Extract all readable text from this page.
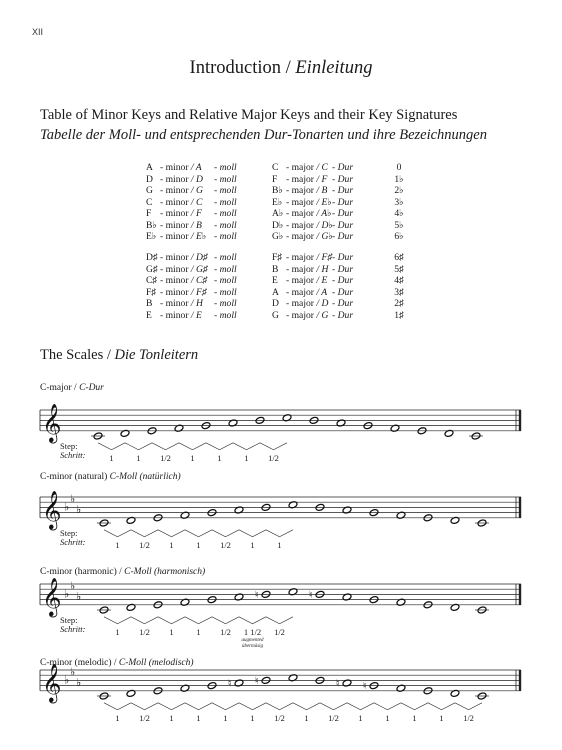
XII
Introduction / Einleitung
Table of Minor Keys and Relative Major Keys and their Key Signatures
Tabelle der Moll- und entsprechenden Dur-Tonarten und ihre Bezeichnungen
A - minor / A - moll	C - major / C - Dur	0
D - minor / D - moll	F - major / F - Dur	1♭
G - minor / G - moll	B♭ - major / B - Dur	2♭
C - minor / C - moll	E♭ - major / E♭ - Dur	3♭
F - minor / F - moll	A♭ - major / A♭ - Dur	4♭
B♭ - minor / B - moll	D♭ - major / D♭ - Dur	5♭
E♭ - minor / E♭ - moll	G♭ - major / G♭ - Dur	6♭
D♯ - minor / D♯ - moll	F♯ - major / F♯ - Dur	6♯
G♯ - minor / G♯ - moll	B - major / H - Dur	5♯
C♯ - minor / C♯ - moll	E - major / E - Dur	4♯
F♯ - minor / F♯ - moll	A - major / A - Dur	3♯
B - minor / H - moll	D - major / D - Dur	2♯
E - minor / E - moll	G - major / G - Dur	1♯
The Scales / Die Tonleitern
𝄞
𝄞 ♭
♭
♭
𝄞 ♭
♭
♭	♮	♮
𝄞 ♭
♭
♭	♮ ♮	♮ ♮
C-major / C-Dur
1	1	1/2	1	1	1	1/2
Step:
Schritt:
C-minor (natural) C-Moll (natürlich)
1	1/2	1	1	1/2	1	1
Step:
Schritt:
C-minor (harmonic) / C-Moll (harmonisch)
1	1/2	1	1	1/2	1 1/2	1/2
Step:
Schritt:
augmented
übermäsig
C-minor (melodic) / C-Moll (melodisch)
1	1/2	1	1	1	1	1/2	1	1/2	1	1	1	1	1/2
